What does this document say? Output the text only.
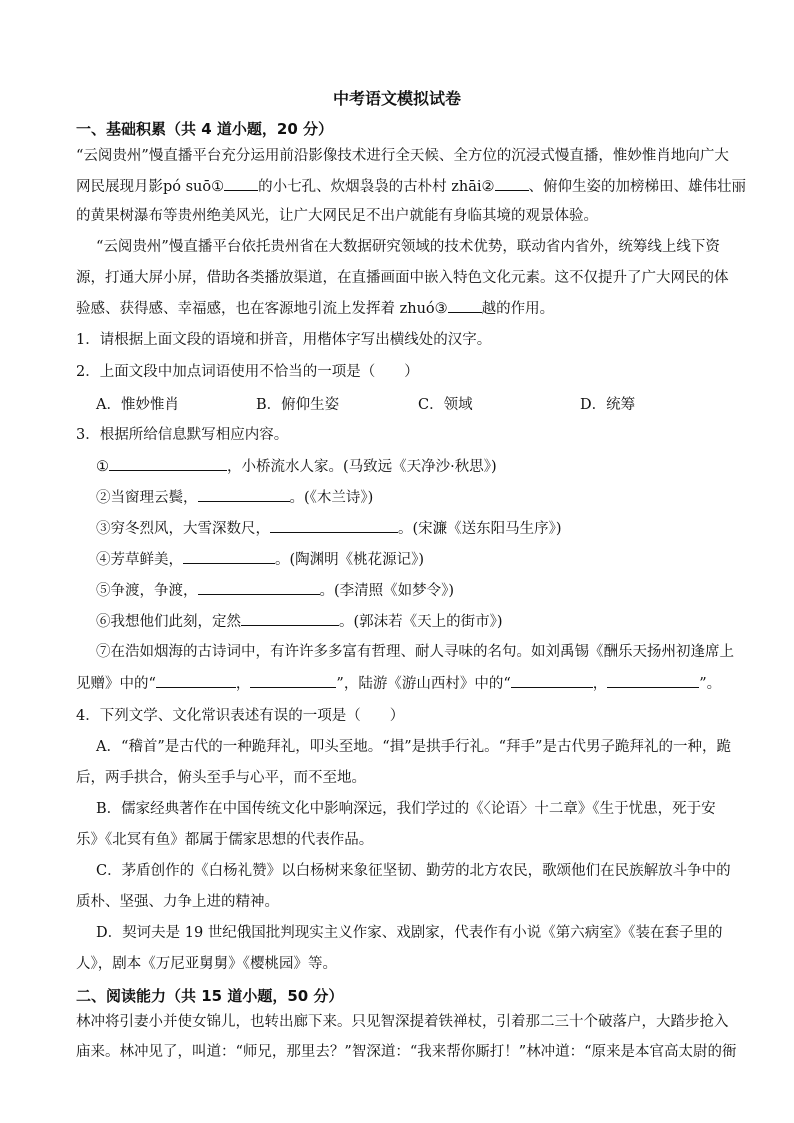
中考语文模拟试卷
一、基础积累（共 4 道小题，20 分）
“云阅贵州”慢直播平台充分运用前沿影像技术进行全天候、全方位的沉浸式慢直播，惟妙惟肖地向广大
网民展现月影pó suō① 的小七孔、炊烟袅袅的古朴村 zhāi② 、俯仰生姿的加榜梯田、雄伟壮丽
的黄果树瀑布等贵州绝美风光，让广大网民足不出户就能有身临其境的观景体验。
“云阅贵州”慢直播平台依托贵州省在大数据研究领域的技术优势，联动省内省外，统筹线上线下资
源，打通大屏小屏，借助各类播放渠道，在直播画面中嵌入特色文化元素。这不仅提升了广大网民的体
验感、获得感、幸福感，也在客源地引流上发挥着 zhuó③ 越的作用。
1．请根据上面文段的语境和拼音，用楷体字写出横线处的汉字。
2．上面文段中加点词语使用不恰当的一项是（　　）
A．惟妙惟肖	B．俯仰生姿	C．领域	D．统筹
3．根据所给信息默写相应内容。
①	，小桥流水人家。(马致远《天净沙·秋思》)
②当窗理云鬓，	。(《木兰诗》)
③穷冬烈风，大雪深数尺，	。(宋濂《送东阳马生序》)
④芳草鲜美，	。(陶渊明《桃花源记》)
⑤争渡，争渡，	。(李清照《如梦令》)
⑥我想他们此刻，定然	。(郭沫若《天上的街市》)
⑦在浩如烟海的古诗词中，有许许多多富有哲理、耐人寻味的名句。如刘禹锡《酬乐天扬州初逢席上
见赠》中的“	，	”，陆游《游山西村》中的“	，	”。
4．下列文学、文化常识表述有误的一项是（　　）
A．“稽首”是古代的一种跪拜礼，叩头至地。“揖”是拱手行礼。“拜手”是古代男子跪拜礼的一种，跪
后，两手拱合，俯头至手与心平，而不至地。
B．儒家经典著作在中国传统文化中影响深远，我们学过的《〈论语〉十二章》《生于忧患，死于安
乐》《北冥有鱼》都属于儒家思想的代表作品。
C．茅盾创作的《白杨礼赞》以白杨树来象征坚韧、勤劳的北方农民，歌颂他们在民族解放斗争中的
质朴、坚强、力争上进的精神。
D．契诃夫是 19 世纪俄国批判现实主义作家、戏剧家，代表作有小说《第六病室》《装在套子里的
人》，剧本《万尼亚舅舅》《樱桃园》等。
二、阅读能力（共 15 道小题，50 分）
林冲将引妻小并使女锦儿，也转出廊下来。只见智深提着铁禅杖，引着那二三十个破落户，大踏步抢入
庙来。林冲见了，叫道：“师兄，那里去？”智深道：“我来帮你厮打！”林冲道：“原来是本官高太尉的衙
